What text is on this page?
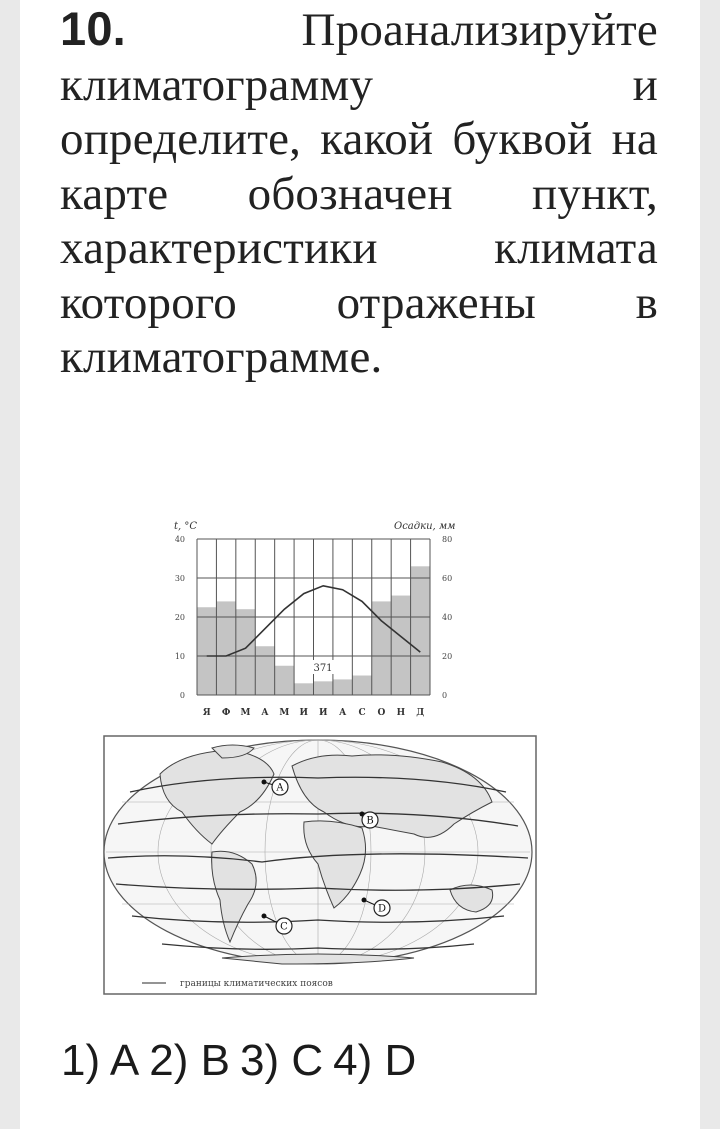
10.	Проанализируйте климатограмму и определите, какой буквой на карте обозначен пункт, характеристики климата которого отражены в климатограмме.

t, °C	Осадки, мм
0
10
20
30
40
0
20
40
60
80
371
Я Ф М А М И И А С О Н Д
A
B
C
D
границы климатических поясов

1) A 2) B 3) C 4) D
